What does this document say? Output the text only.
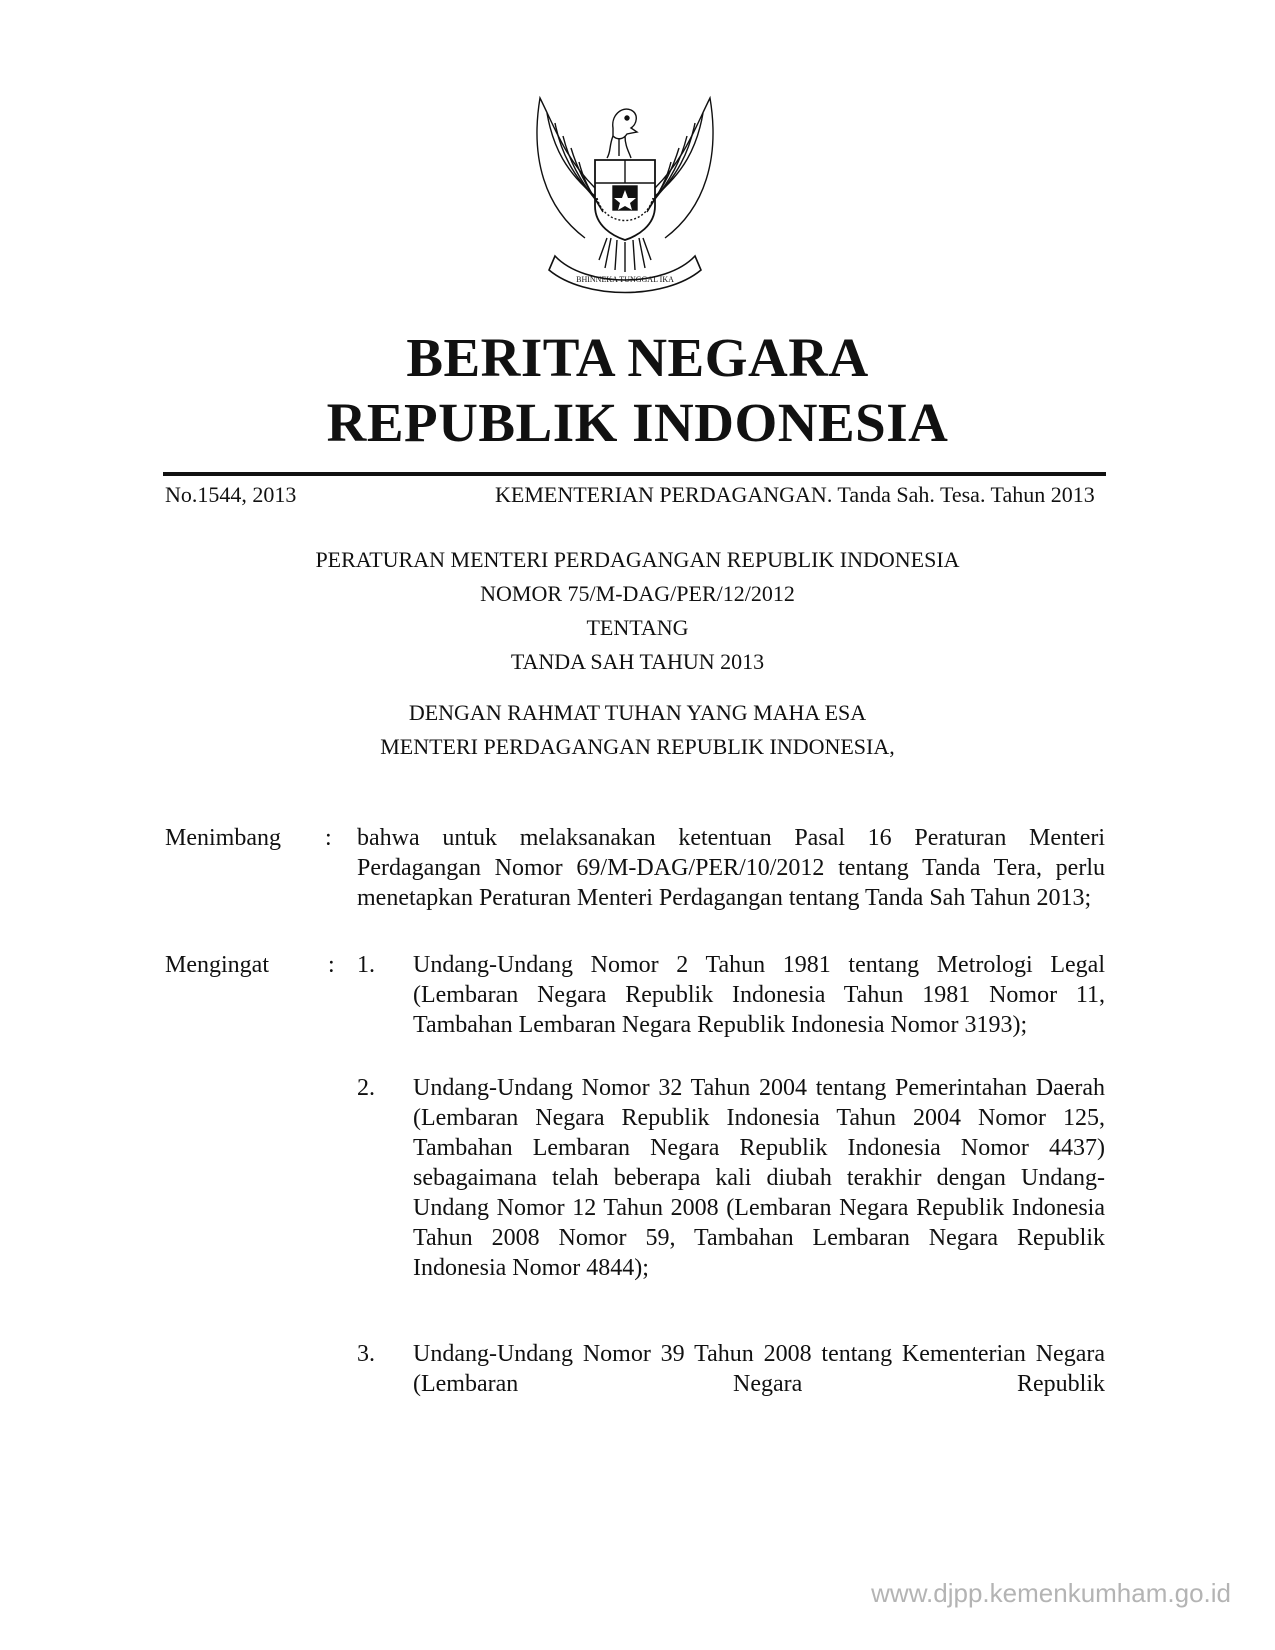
BHINNEKA TUNGGAL IKA
BERITA NEGARA
REPUBLIK INDONESIA
No.1544, 2013	KEMENTERIAN PERDAGANGAN. Tanda Sah. Tesa. Tahun 2013
PERATURAN MENTERI PERDAGANGAN REPUBLIK INDONESIA
NOMOR 75/M-DAG/PER/12/2012
TENTANG
TANDA SAH TAHUN 2013
DENGAN RAHMAT TUHAN YANG MAHA ESA
MENTERI PERDAGANGAN REPUBLIK INDONESIA,
Menimbang : bahwa untuk melaksanakan ketentuan Pasal 16 Peraturan Menteri Perdagangan Nomor 69/M-DAG/PER/10/2012 tentang Tanda Tera, perlu menetapkan Peraturan Menteri Perdagangan tentang Tanda Sah Tahun 2013;
Mengingat : 1. Undang-Undang Nomor 2 Tahun 1981 tentang Metrologi Legal (Lembaran Negara Republik Indonesia Tahun 1981 Nomor 11, Tambahan Lembaran Negara Republik Indonesia Nomor 3193);
2. Undang-Undang Nomor 32 Tahun 2004 tentang Pemerintahan Daerah (Lembaran Negara Republik Indonesia Tahun 2004 Nomor 125, Tambahan Lembaran Negara Republik Indonesia Nomor 4437) sebagaimana telah beberapa kali diubah terakhir dengan Undang-Undang Nomor 12 Tahun 2008 (Lembaran Negara Republik Indonesia Tahun 2008 Nomor 59, Tambahan Lembaran Negara Republik Indonesia Nomor 4844);
3. Undang-Undang Nomor 39 Tahun 2008 tentang Kementerian Negara (Lembaran Negara Republik
www.djpp.kemenkumham.go.id
